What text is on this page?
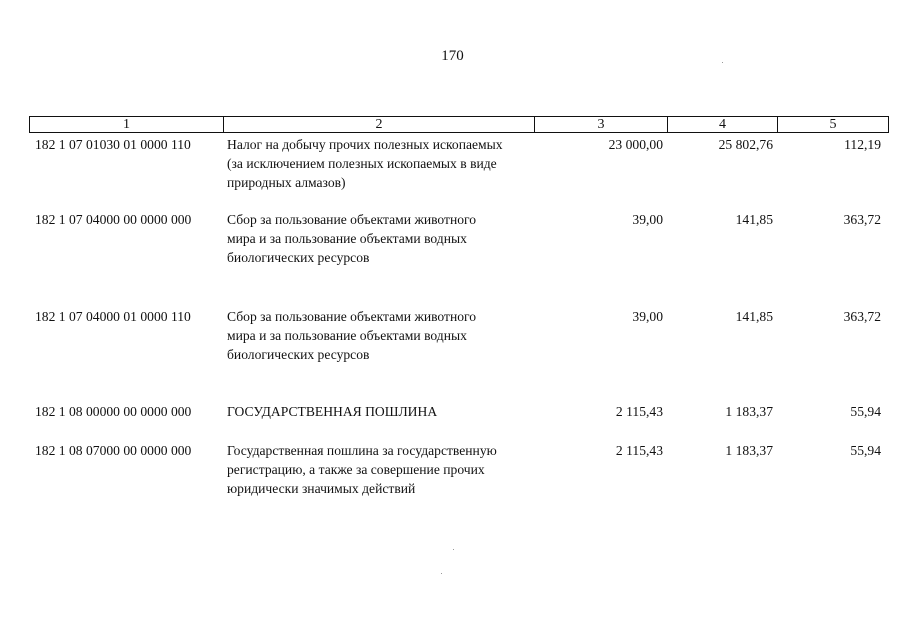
170
1	2	3	4	5
182 1 07 01030 01 0000 110	Налог на добычу прочих полезных ископаемых
(за исключением полезных ископаемых в виде
природных алмазов)
23 000,00	25 802,76	112,19
182 1 07 04000 00 0000 000	Сбор за пользование объектами животного
мира и за пользование объектами водных
биологических ресурсов
39,00	141,85	363,72
182 1 07 04000 01 0000 110	Сбор за пользование объектами животного
мира и за пользование объектами водных
биологических ресурсов
39,00	141,85	363,72
182 1 08 00000 00 0000 000	ГОСУДАРСТВЕННАЯ ПОШЛИНА	2 115,43	1 183,37	55,94
182 1 08 07000 00 0000 000	Государственная пошлина за государственную
регистрацию, а также за совершение прочих
юридически значимых действий
2 115,43	1 183,37	55,94
